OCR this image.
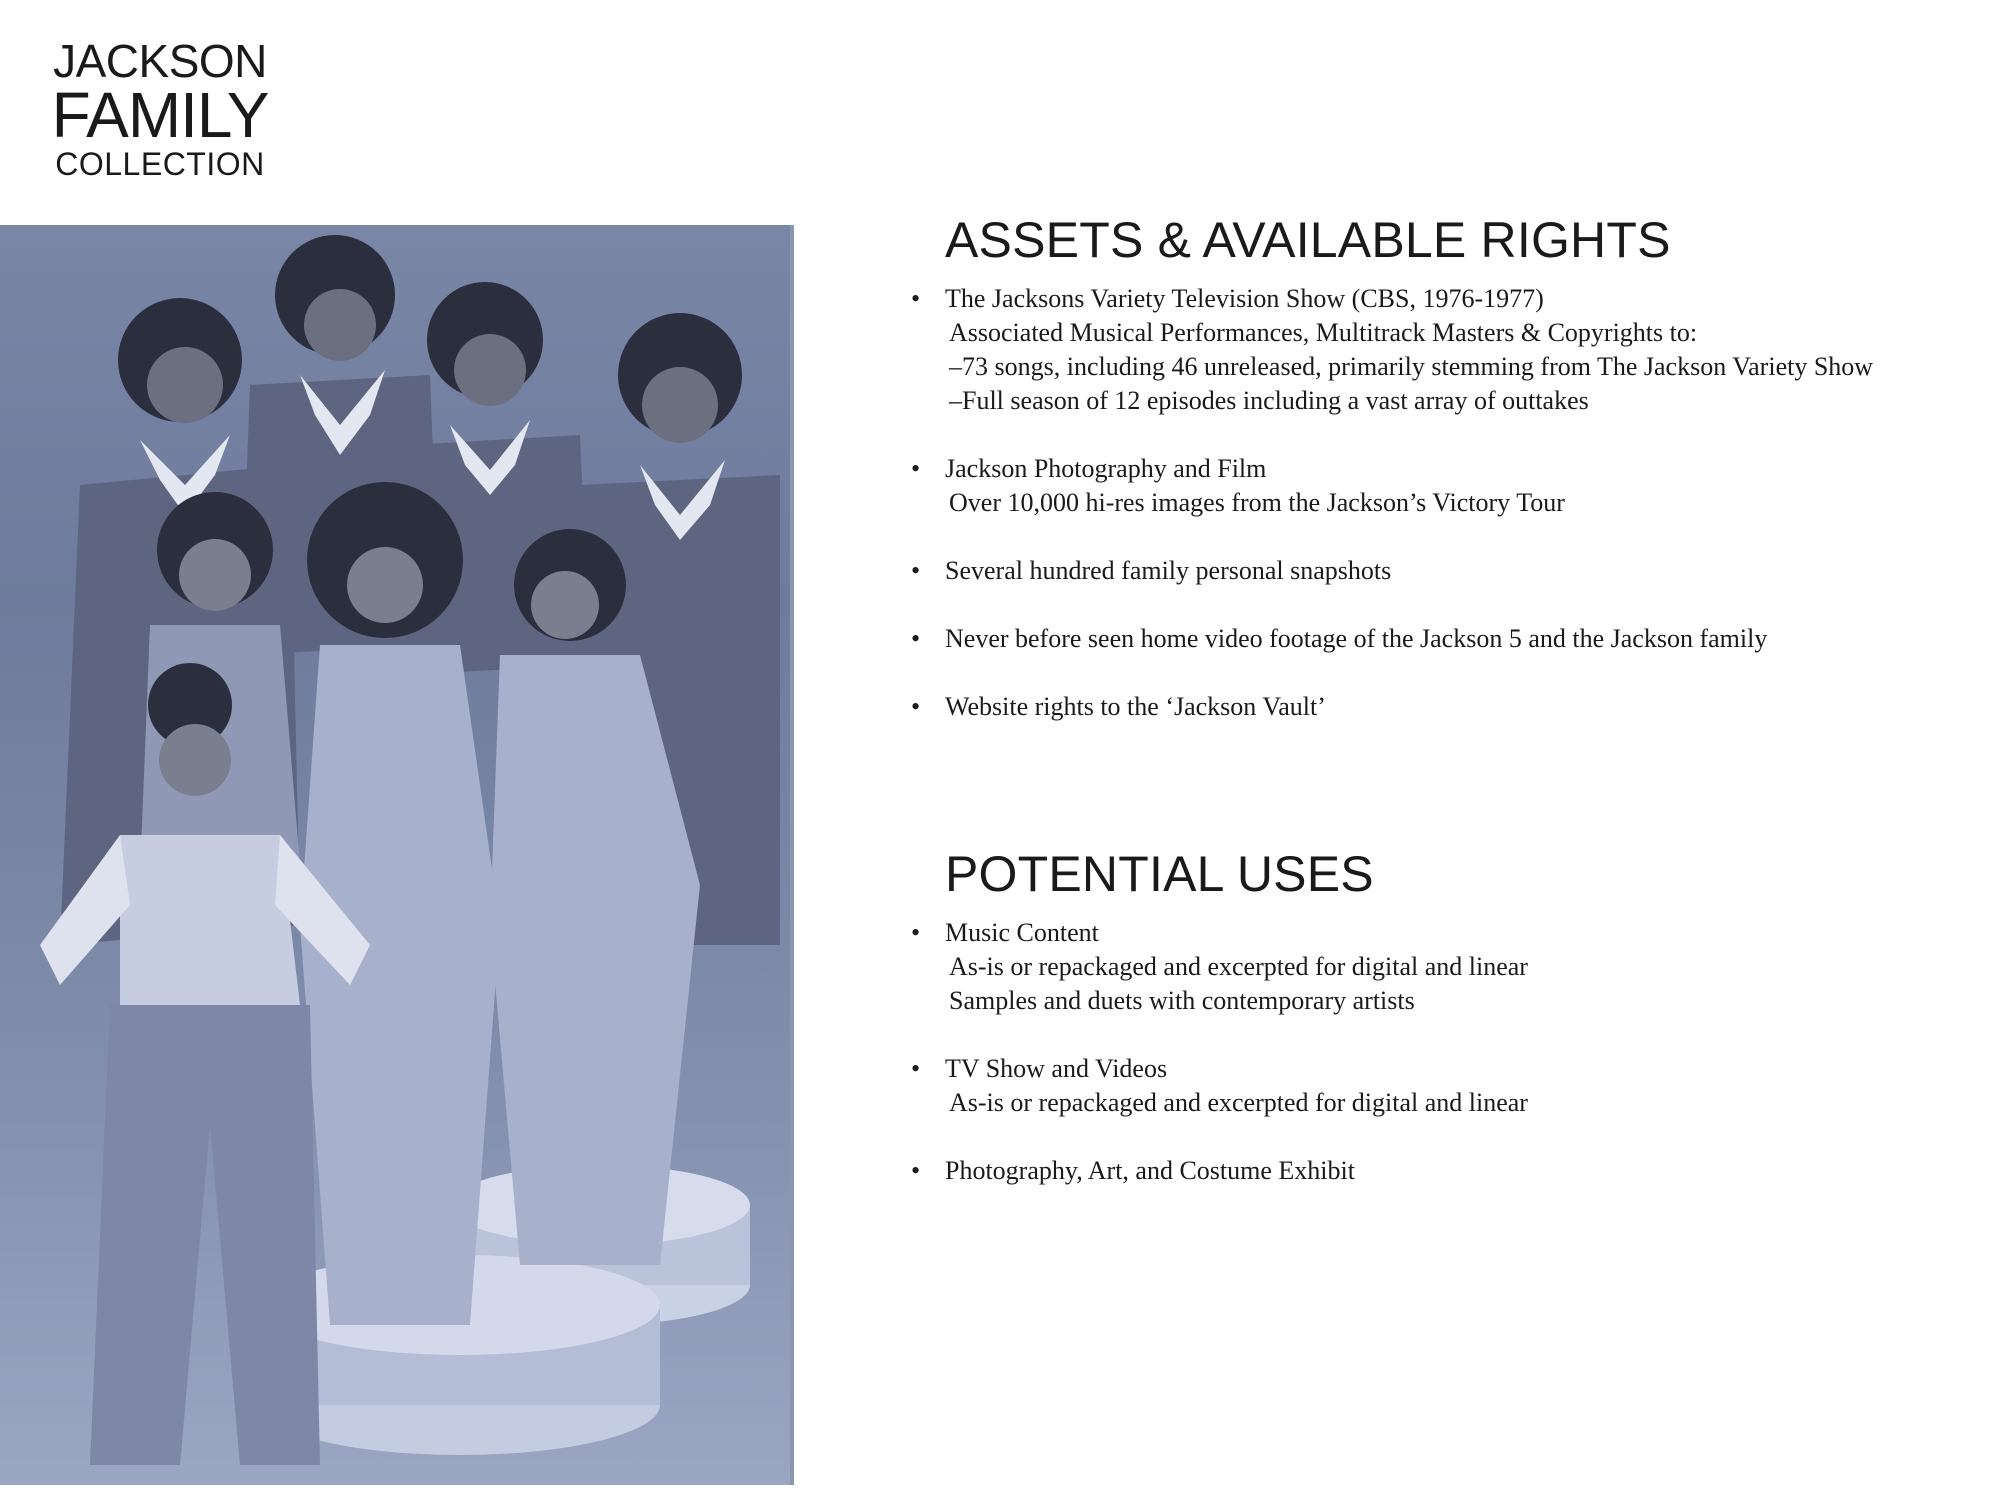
JACKSON
FAMILY
COLLECTION
ASSETS & AVAILABLE RIGHTS
• The Jacksons Variety Television Show (CBS, 1976-1977)
Associated Musical Performances, Multitrack Masters & Copyrights to:
–73 songs, including 46 unreleased, primarily stemming from The Jackson Variety Show
–Full season of 12 episodes including a vast array of outtakes
• Jackson Photography and Film
Over 10,000 hi-res images from the Jackson’s Victory Tour
• Several hundred family personal snapshots
• Never before seen home video footage of the Jackson 5 and the Jackson family
• Website rights to the ‘Jackson Vault’
POTENTIAL USES
• Music Content
As-is or repackaged and excerpted for digital and linear
Samples and duets with contemporary artists
• TV Show and Videos
As-is or repackaged and excerpted for digital and linear
• Photography, Art, and Costume Exhibit
